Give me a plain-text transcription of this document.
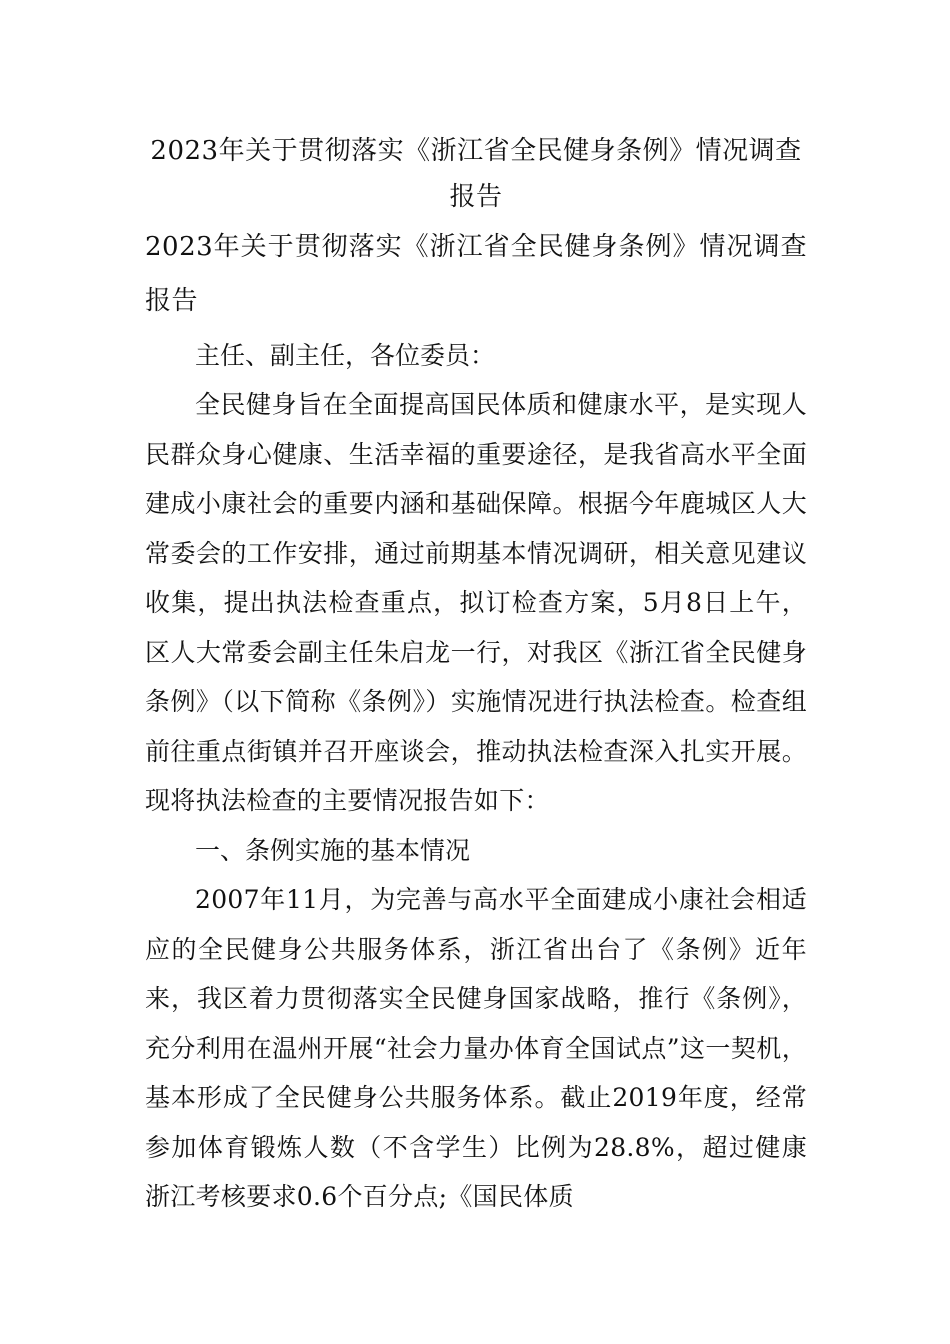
2023年关于贯彻落实《浙江省全民健身条例》情况调查报告

2023年关于贯彻落实《浙江省全民健身条例》情况调查报告

主任、副主任，各位委员：

全民健身旨在全面提高国民体质和健康水平，是实现人民群众身心健康、生活幸福的重要途径，是我省高水平全面建成小康社会的重要内涵和基础保障。根据今年鹿城区人大常委会的工作安排，通过前期基本情况调研，相关意见建议收集，提出执法检查重点，拟订检查方案，5月8日上午，区人大常委会副主任朱启龙一行，对我区《浙江省全民健身条例》（以下简称《条例》）实施情况进行执法检查。检查组前往重点街镇并召开座谈会，推动执法检查深入扎实开展。现将执法检查的主要情况报告如下：

一、条例实施的基本情况

2007年11月，为完善与高水平全面建成小康社会相适应的全民健身公共服务体系，浙江省出台了《条例》近年来，我区着力贯彻落实全民健身国家战略，推行《条例》，充分利用在温州开展“社会力量办体育全国试点”这一契机，基本形成了全民健身公共服务体系。截止2019年度，经常参加体育锻炼人数（不含学生）比例为28.8%，超过健康浙江考核要求0.6个百分点;《国民体质
